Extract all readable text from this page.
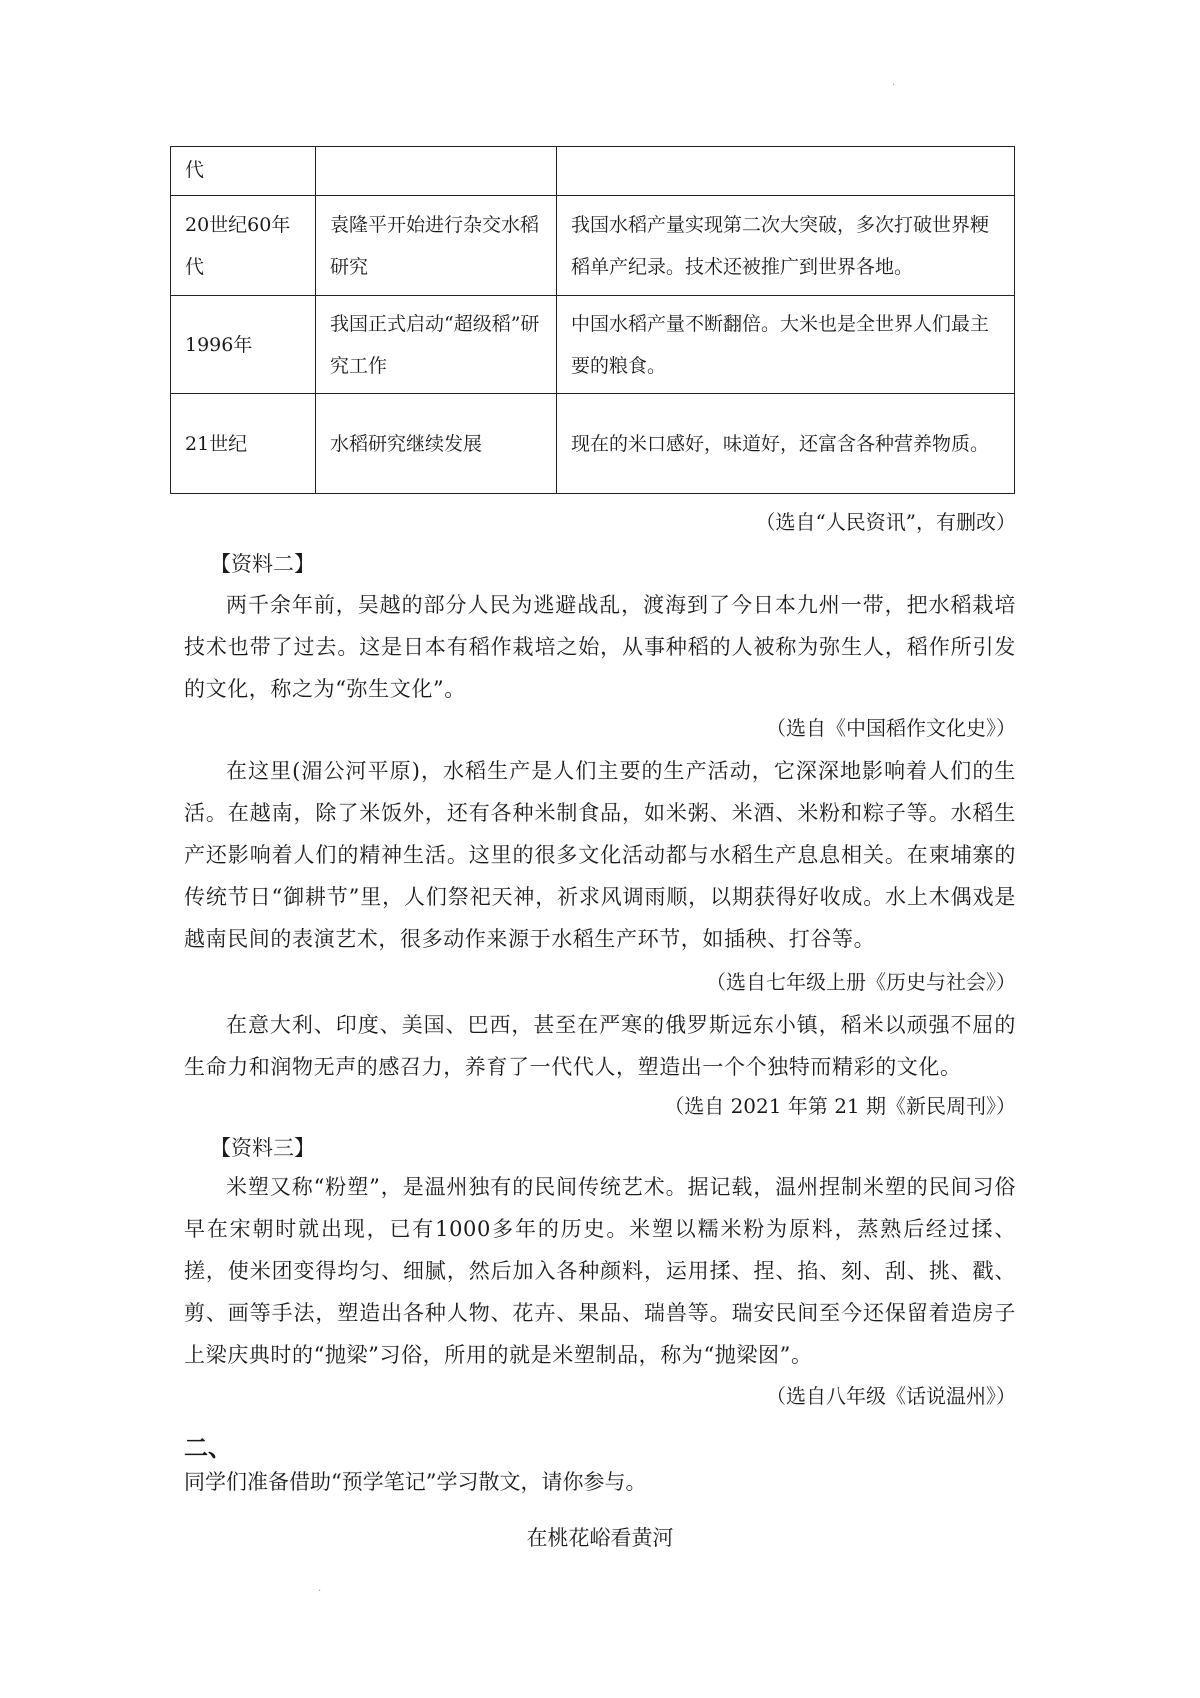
·
代		
20世纪60年代	袁隆平开始进行杂交水稻研究	我国水稻产量实现第二次大突破，多次打破世界粳稻单产纪录。技术还被推广到世界各地。
1996年	我国正式启动“超级稻”研究工作	中国水稻产量不断翻倍。大米也是全世界人们最主要的粮食。
21世纪	水稻研究继续发展	现在的米口感好，味道好，还富含各种营养物质。

（选自“人民资讯”，有删改）

【资料二】

两千余年前，吴越的部分人民为逃避战乱，渡海到了今日本九州一带，把水稻栽培技术也带了过去。这是日本有稻作栽培之始，从事种稻的人被称为弥生人，稻作所引发的文化，称之为“弥生文化”。

（选自《中国稻作文化史》）

在这里(湄公河平原)，水稻生产是人们主要的生产活动，它深深地影响着人们的生活。在越南，除了米饭外，还有各种米制食品，如米粥、米酒、米粉和粽子等。水稻生产还影响着人们的精神生活。这里的很多文化活动都与水稻生产息息相关。在柬埔寨的传统节日“御耕节”里，人们祭祀天神，祈求风调雨顺，以期获得好收成。水上木偶戏是越南民间的表演艺术，很多动作来源于水稻生产环节，如插秧、打谷等。

（选自七年级上册《历史与社会》）

在意大利、印度、美国、巴西，甚至在严寒的俄罗斯远东小镇，稻米以顽强不屈的生命力和润物无声的感召力，养育了一代代人，塑造出一个个独特而精彩的文化。

（选自 2021 年第 21 期《新民周刊》）

【资料三】

米塑又称“粉塑”，是温州独有的民间传统艺术。据记载，温州捏制米塑的民间习俗早在宋朝时就出现，已有1000多年的历史。米塑以糯米粉为原料，蒸熟后经过揉、搓，使米团变得均匀、细腻，然后加入各种颜料，运用揉、捏、掐、刻、刮、挑、戳、剪、画等手法，塑造出各种人物、花卉、果品、瑞兽等。瑞安民间至今还保留着造房子上梁庆典时的“抛梁”习俗，所用的就是米塑制品，称为“抛梁囡”。

（选自八年级《话说温州》）

二、

同学们准备借助“预学笔记”学习散文，请你参与。

在桃花峪看黄河

·
